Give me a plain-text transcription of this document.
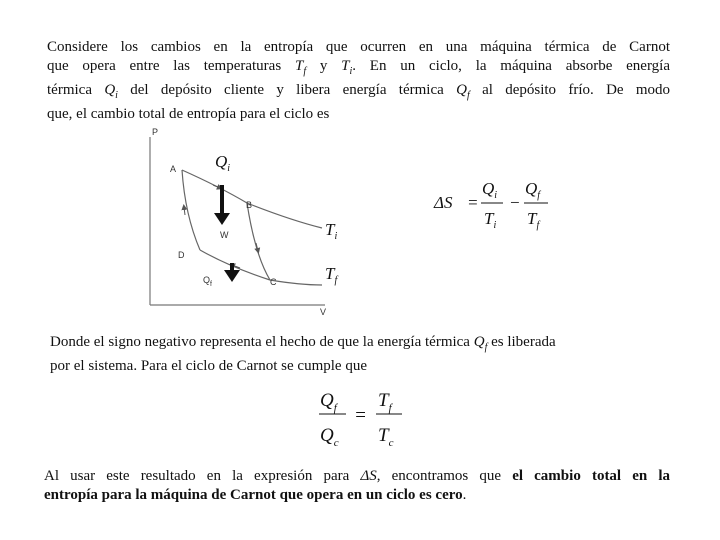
Considere los cambios en la entropía que ocurren en una máquina térmica de Carnot
que opera entre las temperaturas $T_f$ y $T_i$. En un ciclo, la máquina absorbe energía
térmica $Q_i$ del depósito cliente y libera energía térmica $Q_f$ al depósito frío. De modo
que, el cambio total de entropía para el ciclo es
P
V
A
B
C
D
W
$Q_f$
$Q_i$
$T_i$
$T_f$
ΔS =
$Q_i$
$T_i$
−
$Q_f$
$T_f$
Donde el signo negativo representa el hecho de que la energía térmica $Q_f$ es liberada
por el sistema. Para el ciclo de Carnot se cumple que
$Q_f$
$Q_c$
=
$T_f$
$T_c$
Al usar este resultado en la expresión para ΔS, encontramos que el cambio total en la
entropía para la máquina de Carnot que opera en un ciclo es cero.
